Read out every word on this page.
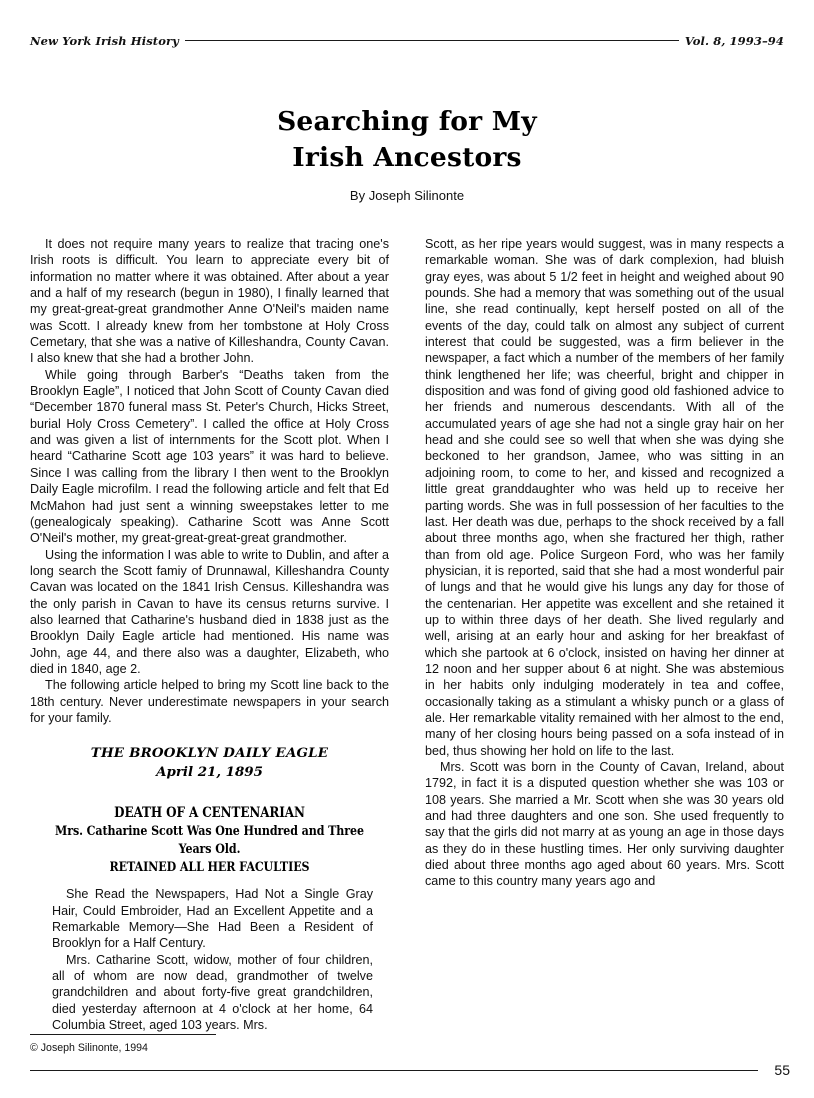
New York Irish History	Vol. 8, 1993–94
Searching for My
Irish Ancestors
By Joseph Silinonte

It does not require many years to realize that tracing one's Irish roots is difficult. You learn to appreciate every bit of information no matter where it was obtained. After about a year and a half of my research (begun in 1980), I finally learned that my great-great-great grandmother Anne O'Neil's maiden name was Scott. I already knew from her tombstone at Holy Cross Cemetary, that she was a native of Killeshandra, County Cavan. I also knew that she had a brother John.

While going through Barber's “Deaths taken from the Brooklyn Eagle”, I noticed that John Scott of County Cavan died “December 1870 funeral mass St. Peter's Church, Hicks Street, burial Holy Cross Cemetery”. I called the office at Holy Cross and was given a list of internments for the Scott plot. When I heard “Catharine Scott age 103 years” it was hard to believe. Since I was calling from the library I then went to the Brooklyn Daily Eagle microfilm. I read the following article and felt that Ed McMahon had just sent a winning sweepstakes letter to me (genealogicaly speaking). Catharine Scott was Anne Scott O'Neil's mother, my great-great-great-great grandmother.

Using the information I was able to write to Dublin, and after a long search the Scott famiy of Drunnawal, Killeshandra County Cavan was located on the 1841 Irish Census. Killeshandra was the only parish in Cavan to have its census returns survive. I also learned that Catharine's husband died in 1838 just as the Brooklyn Daily Eagle article had mentioned. His name was John, age 44, and there also was a daughter, Elizabeth, who died in 1840, age 2.

The following article helped to bring my Scott line back to the 18th century. Never underestimate newspapers in your search for your family.

THE BROOKLYN DAILY EAGLE
April 21, 1895
DEATH OF A CENTENARIAN
Mrs. Catharine Scott Was One Hundred and Three Years Old.
RETAINED ALL HER FACULTIES

She Read the Newspapers, Had Not a Single Gray Hair, Could Embroider, Had an Excellent Appetite and a Remarkable Memory—She Had Been a Resident of Brooklyn for a Half Century.

Mrs. Catharine Scott, widow, mother of four children, all of whom are now dead, grandmother of twelve grandchildren and about forty-five great grandchildren, died yesterday afternoon at 4 o'clock at her home, 64 Columbia Street, aged 103 years. Mrs.

Scott, as her ripe years would suggest, was in many respects a remarkable woman. She was of dark complexion, had bluish gray eyes, was about 5 1/2 feet in height and weighed about 90 pounds. She had a memory that was something out of the usual line, she read continually, kept herself posted on all of the events of the day, could talk on almost any subject of current interest that could be suggested, was a firm believer in the newspaper, a fact which a number of the members of her family think lengthened her life; was cheerful, bright and chipper in disposition and was fond of giving good old fashioned advice to her friends and numerous descendants. With all of the accumulated years of age she had not a single gray hair on her head and she could see so well that when she was dying she beckoned to her grandson, Jamee, who was sitting in an adjoining room, to come to her, and kissed and recognized a little great granddaughter who was held up to receive her parting words. She was in full possession of her faculties to the last. Her death was due, perhaps to the shock received by a fall about three months ago, when she fractured her thigh, rather than from old age. Police Surgeon Ford, who was her family physician, it is reported, said that she had a most wonderful pair of lungs and that he would give his lungs any day for those of the centenarian. Her appetite was excellent and she retained it up to within three days of her death. She lived regularly and well, arising at an early hour and asking for her breakfast of which she partook at 6 o'clock, insisted on having her dinner at 12 noon and her supper about 6 at night. She was abstemious in her habits only indulging moderately in tea and coffee, occasionally taking as a stimulant a whisky punch or a glass of ale. Her remarkable vitality remained with her almost to the end, many of her closing hours being passed on a sofa instead of in bed, thus showing her hold on life to the last.

Mrs. Scott was born in the County of Cavan, Ireland, about 1792, in fact it is a disputed question whether she was 103 or 108 years. She married a Mr. Scott when she was 30 years old and had three daughters and one son. She used frequently to say that the girls did not marry at as young an age in those days as they do in these hustling times. Her only surviving daughter died about three months ago aged about 60 years. Mrs. Scott came to this country many years ago and

© Joseph Silinonte, 1994
55
